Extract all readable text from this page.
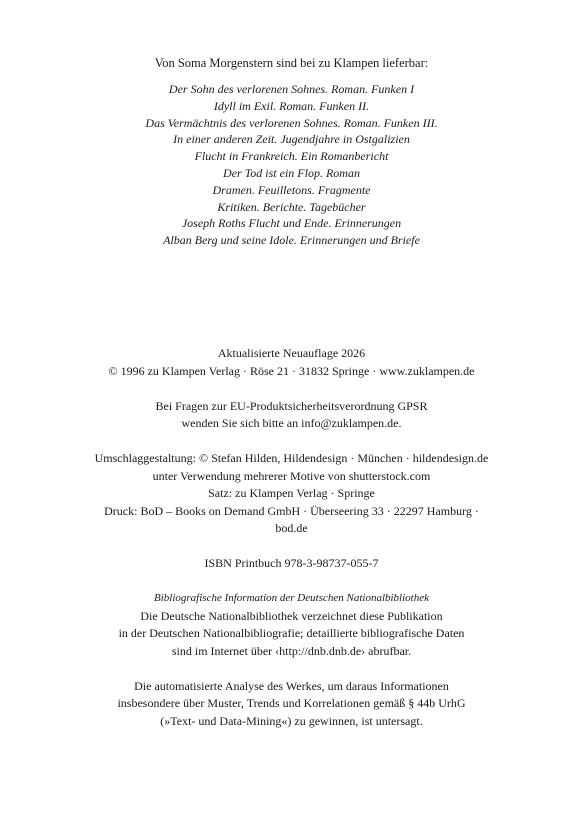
Von Soma Morgenstern sind bei zu Klampen lieferbar:
Der Sohn des verlorenen Sohnes. Roman. Funken I
Idyll im Exil. Roman. Funken II.
Das Vermächtnis des verlorenen Sohnes. Roman. Funken III.
In einer anderen Zeit. Jugendjahre in Ostgalizien
Flucht in Frankreich. Ein Romanbericht
Der Tod ist ein Flop. Roman
Dramen. Feuilletons. Fragmente
Kritiken. Berichte. Tagebücher
Joseph Roths Flucht und Ende. Erinnerungen
Alban Berg und seine Idole. Erinnerungen und Briefe
Aktualisierte Neuauflage 2026
© 1996 zu Klampen Verlag · Röse 21 · 31832 Springe · www.zuklampen.de
Bei Fragen zur EU-Produktsicherheitsverordnung GPSR
wenden Sie sich bitte an info@zuklampen.de.
Umschlaggestaltung: © Stefan Hilden, Hildendesign · München · hildendesign.de
unter Verwendung mehrerer Motive von shutterstock.com
Satz: zu Klampen Verlag · Springe
Druck: BoD – Books on Demand GmbH · Überseering 33 · 22297 Hamburg ·
bod.de
ISBN Printbuch 978-3-98737-055-7
Bibliografische Information der Deutschen Nationalbibliothek
Die Deutsche Nationalbibliothek verzeichnet diese Publikation
in der Deutschen Nationalbibliografie; detaillierte bibliografische Daten
sind im Internet über ‹http://dnb.dnb.de› abrufbar.
Die automatisierte Analyse des Werkes, um daraus Informationen
insbesondere über Muster, Trends und Korrelationen gemäß § 44b UrhG
(»Text- und Data-Mining«) zu gewinnen, ist untersagt.
